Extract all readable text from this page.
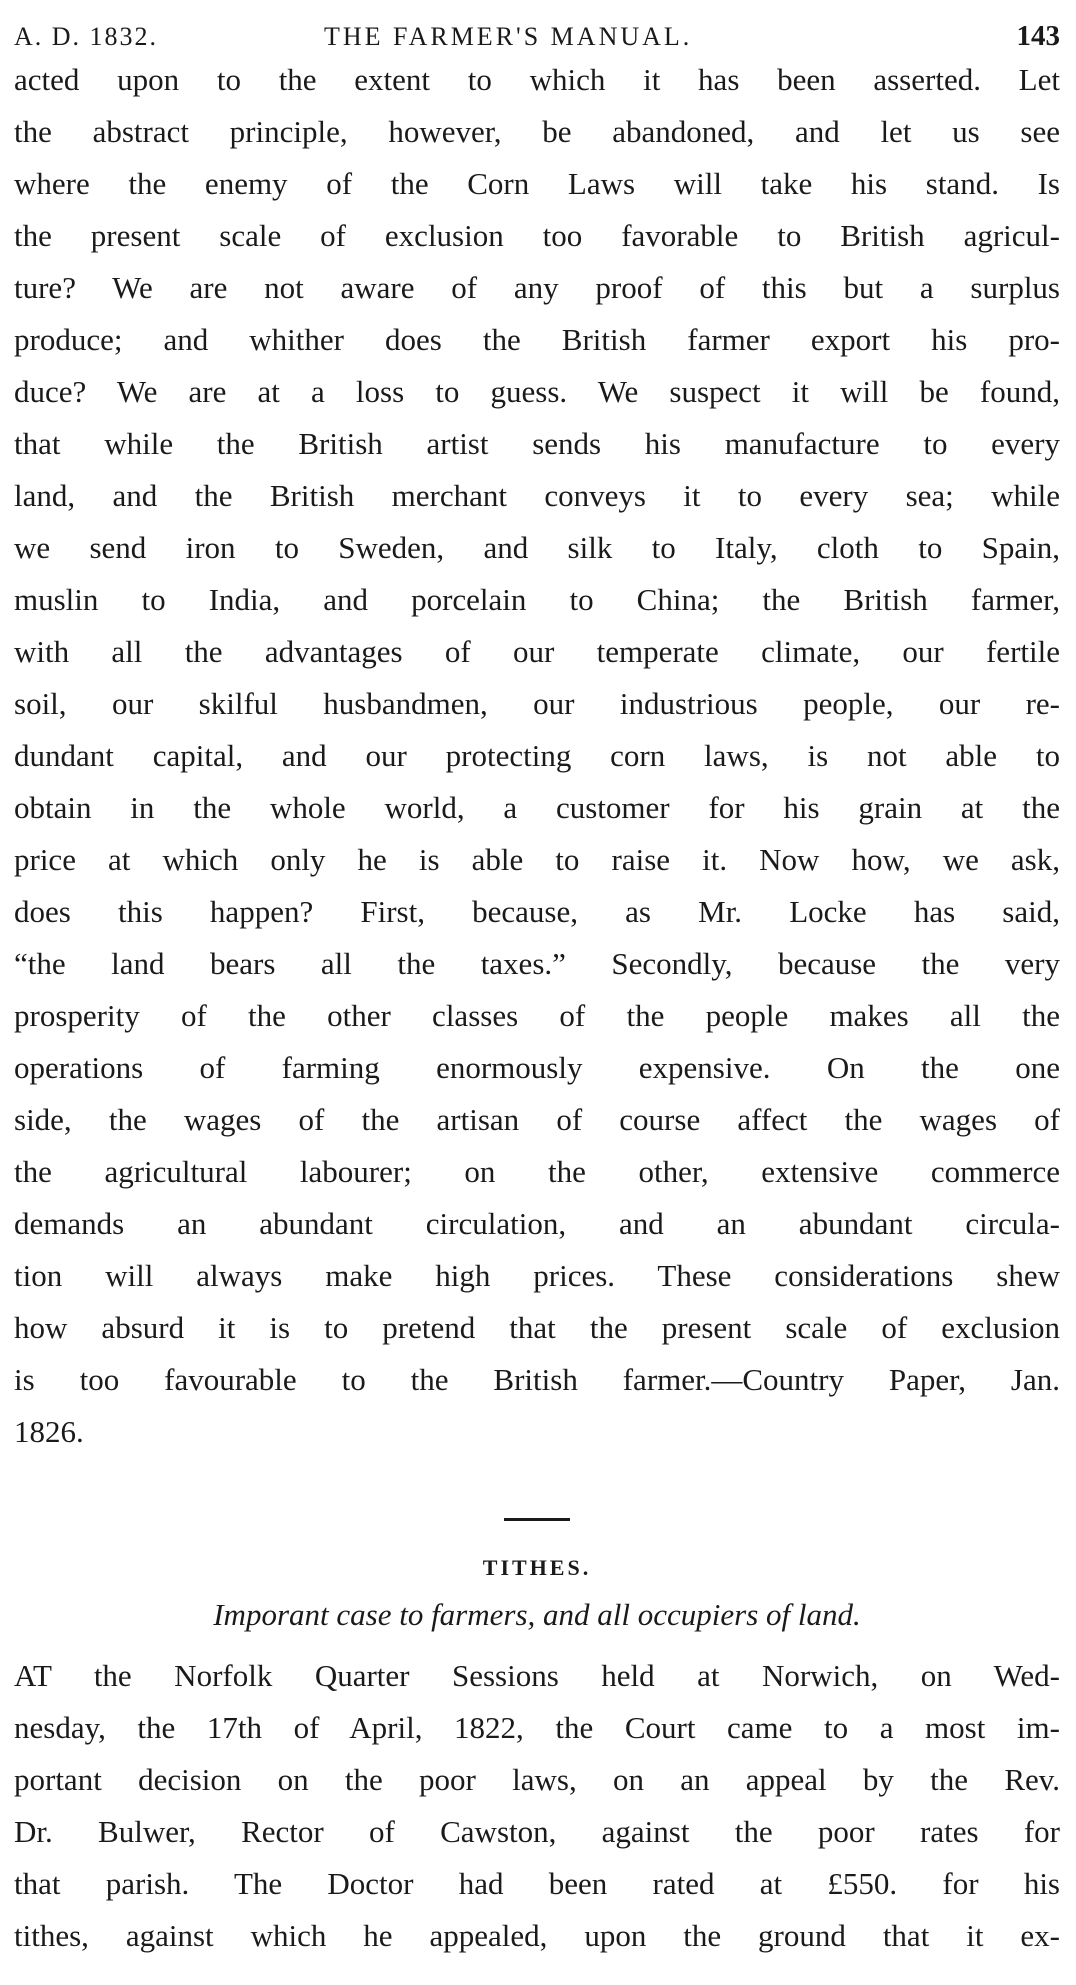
A. D. 1832.	THE FARMER'S MANUAL.	143
acted upon to the extent to which it has been asserted. Let
the abstract principle, however, be abandoned, and let us see
where the enemy of the Corn Laws will take his stand. Is
the present scale of exclusion too favorable to British agricul-
ture? We are not aware of any proof of this but a surplus
produce; and whither does the British farmer export his pro-
duce? We are at a loss to guess. We suspect it will be found,
that while the British artist sends his manufacture to every
land, and the British merchant conveys it to every sea; while
we send iron to Sweden, and silk to Italy, cloth to Spain,
muslin to India, and porcelain to China; the British farmer,
with all the advantages of our temperate climate, our fertile
soil, our skilful husbandmen, our industrious people, our re-
dundant capital, and our protecting corn laws, is not able to
obtain in the whole world, a customer for his grain at the
price at which only he is able to raise it. Now how, we ask,
does this happen? First, because, as Mr. Locke has said,
“the land bears all the taxes.” Secondly, because the very
prosperity of the other classes of the people makes all the
operations of farming enormously expensive. On the one
side, the wages of the artisan of course affect the wages of
the agricultural labourer; on the other, extensive commerce
demands an abundant circulation, and an abundant circula-
tion will always make high prices. These considerations shew
how absurd it is to pretend that the present scale of exclusion
is too favourable to the British farmer.—Country Paper, Jan.
1826.
TITHES.
Imporant case to farmers, and all occupiers of land.
AT the Norfolk Quarter Sessions held at Norwich, on Wed-
nesday, the 17th of April, 1822, the Court came to a most im-
portant decision on the poor laws, on an appeal by the Rev.
Dr. Bulwer, Rector of Cawston, against the poor rates for
that parish. The Doctor had been rated at £550. for his
tithes, against which he appealed, upon the ground that it ex-
